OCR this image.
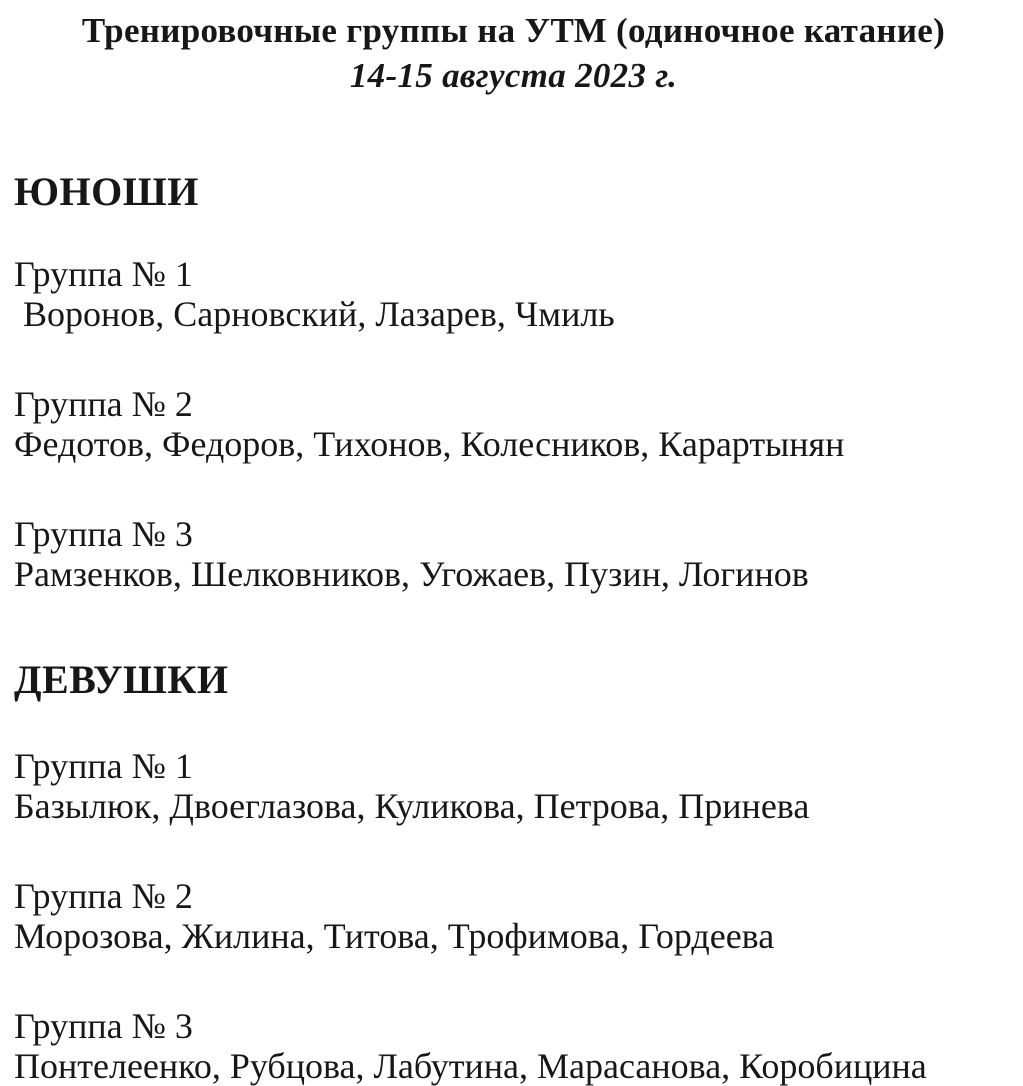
Тренировочные группы на УТМ (одиночное катание)
14-15 августа 2023 г.
ЮНОШИ
Группа № 1
Воронов, Сарновский, Лазарев, Чмиль
Группа № 2
Федотов, Федоров, Тихонов, Колесников, Карартынян
Группа № 3
Рамзенков, Шелковников, Угожаев, Пузин, Логинов
ДЕВУШКИ
Группа № 1
Базылюк, Двоеглазова, Куликова, Петрова, Принева
Группа № 2
Морозова, Жилина, Титова, Трофимова, Гордеева
Группа № 3
Понтелеенко, Рубцова, Лабутина, Марасанова, Коробицина
